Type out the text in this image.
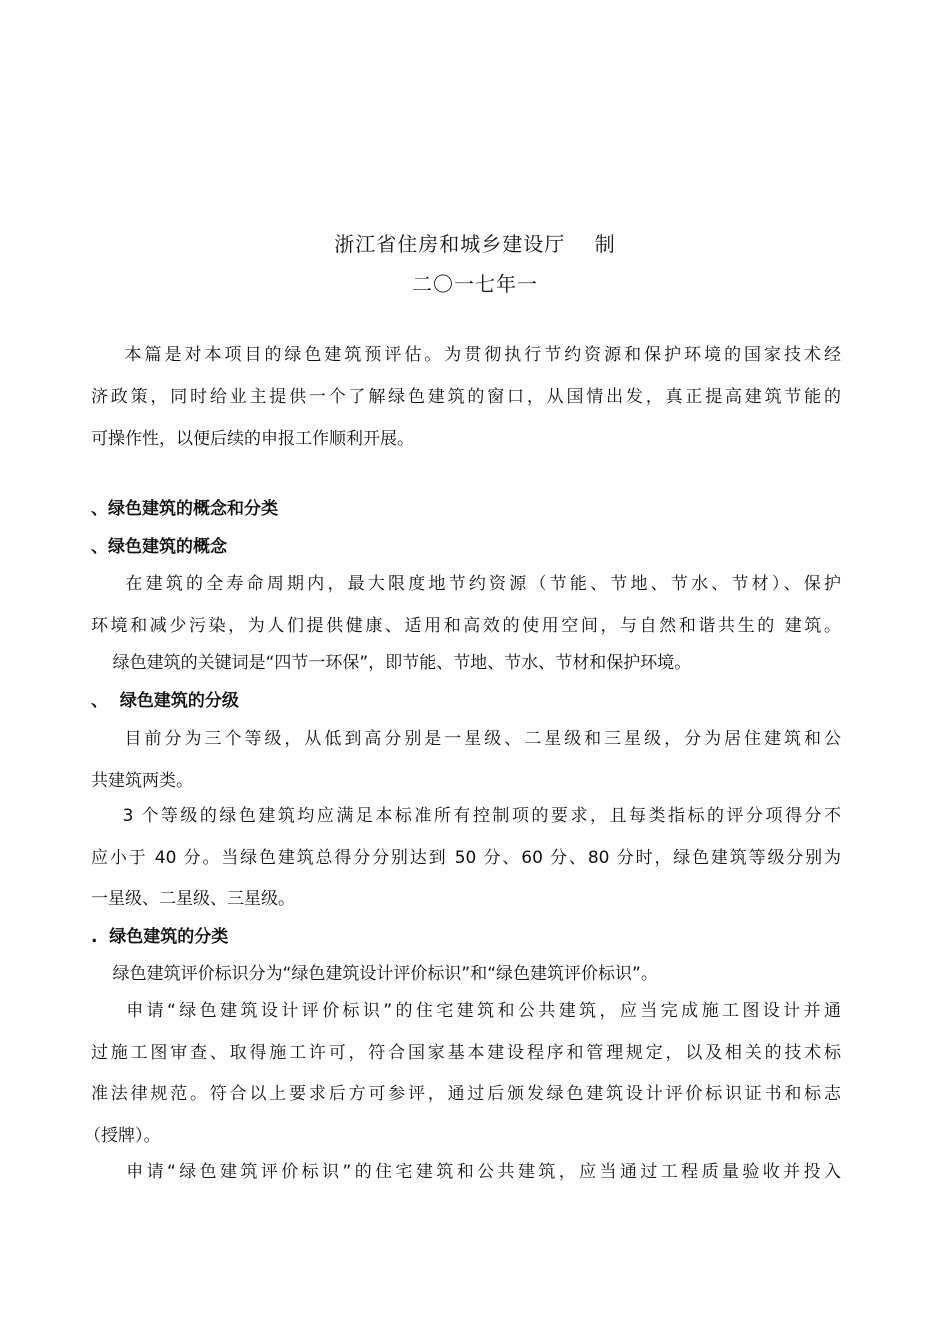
浙江省住房和城乡建设厅    制
二〇一七年一
本篇是对本项目的绿色建筑预评估。为贯彻执行节约资源和保护环境的国家技术经
济政策，同时给业主提供一个了解绿色建筑的窗口，从国情出发，真正提高建筑节能的
可操作性，以便后续的申报工作顺利开展。
、绿色建筑的概念和分类
、绿色建筑的概念
在建筑的全寿命周期内，最大限度地节约资源（节能、节地、节水、节材）、保护
环境和减少污染，为人们提供健康、适用和高效的使用空间，与自然和谐共生的 建筑。
绿色建筑的关键词是“四节一环保”，即节能、节地、节水、节材和保护环境。
、  绿色建筑的分级
目前分为三个等级，从低到高分别是一星级、二星级和三星级，分为居住建筑和公
共建筑两类。
3 个等级的绿色建筑均应满足本标准所有控制项的要求，且每类指标的评分项得分不
应小于 40 分。当绿色建筑总得分分别达到 50 分、60 分、80 分时，绿色建筑等级分别为
一星级、二星级、三星级。
.  绿色建筑的分类
绿色建筑评价标识分为“绿色建筑设计评价标识”和“绿色建筑评价标识”。
申请“绿色建筑设计评价标识”的住宅建筑和公共建筑，应当完成施工图设计并通
过施工图审查、取得施工许可，符合国家基本建设程序和管理规定，以及相关的技术标
准法律规范。符合以上要求后方可参评，通过后颁发绿色建筑设计评价标识证书和标志
（授牌）。
申请“绿色建筑评价标识”的住宅建筑和公共建筑，应当通过工程质量验收并投入
